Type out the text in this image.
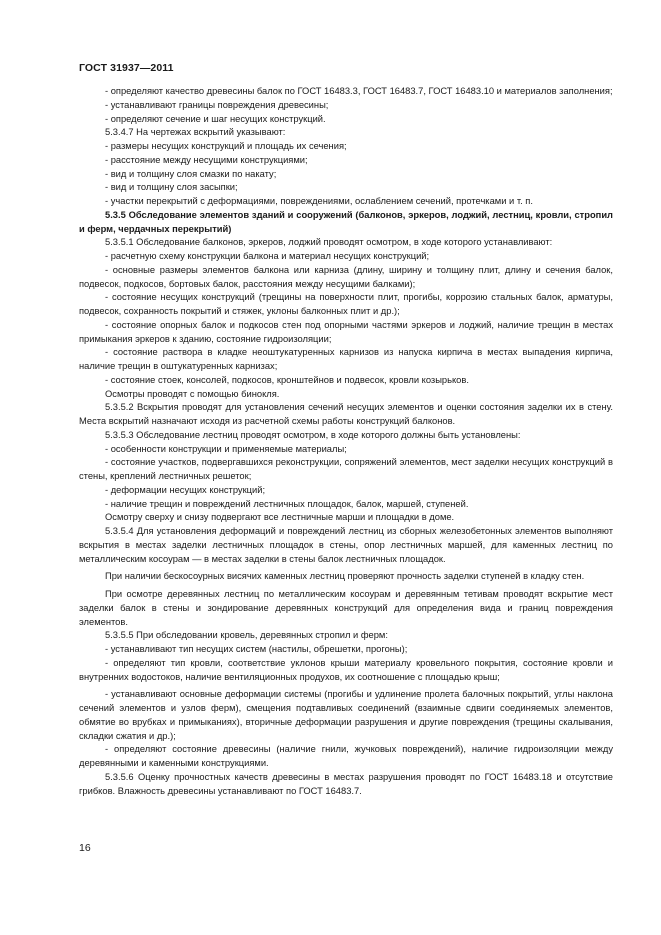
ГОСТ 31937—2011

- определяют качество древесины балок по ГОСТ 16483.3, ГОСТ 16483.7, ГОСТ 16483.10 и материалов заполнения;

- устанавливают границы повреждения древесины;

- определяют сечение и шаг несущих конструкций.

5.3.4.7 На чертежах вскрытий указывают:

- размеры несущих конструкций и площадь их сечения;

- расстояние между несущими конструкциями;

- вид и толщину слоя смазки по накату;

- вид и толщину слоя засыпки;

- участки перекрытий с деформациями, повреждениями, ослаблением сечений, протечками и т. п.

5.3.5 Обследование элементов зданий и сооружений (балконов, эркеров, лоджий, лестниц, кровли, стропил и ферм, чердачных перекрытий)

5.3.5.1 Обследование балконов, эркеров, лоджий проводят осмотром, в ходе которого устанавливают:

- расчетную схему конструкции балкона и материал несущих конструкций;

- основные размеры элементов балкона или карниза (длину, ширину и толщину плит, длину и сечения балок, подвесок, подкосов, бортовых балок, расстояния между несущими балками);

- состояние несущих конструкций (трещины на поверхности плит, прогибы, коррозию стальных балок, арматуры, подвесок, сохранность покрытий и стяжек, уклоны балконных плит и др.);

- состояние опорных балок и подкосов стен под опорными частями эркеров и лоджий, наличие трещин в местах примыкания эркеров к зданию, состояние гидроизоляции;

- состояние раствора в кладке неоштукатуренных карнизов из напуска кирпича в местах выпадения кирпича, наличие трещин в оштукатуренных карнизах;

- состояние стоек, консолей, подкосов, кронштейнов и подвесок, кровли козырьков.

Осмотры проводят с помощью бинокля.

5.3.5.2 Вскрытия проводят для установления сечений несущих элементов и оценки состояния заделки их в стену. Места вскрытий назначают исходя из расчетной схемы работы конструкций балконов.

5.3.5.3 Обследование лестниц проводят осмотром, в ходе которого должны быть установлены:

- особенности конструкции и применяемые материалы;

- состояние участков, подвергавшихся реконструкции, сопряжений элементов, мест заделки несущих конструкций в стены, креплений лестничных решеток;

- деформации несущих конструкций;

- наличие трещин и повреждений лестничных площадок, балок, маршей, ступеней.

Осмотру сверху и снизу подвергают все лестничные марши и площадки в доме.

5.3.5.4 Для установления деформаций и повреждений лестниц из сборных железобетонных элементов выполняют вскрытия в местах заделки лестничных площадок в стены, опор лестничных маршей, для каменных лестниц по металлическим косоурам — в местах заделки в стены балок лестничных площадок.

При наличии бескосоурных висячих каменных лестниц проверяют прочность заделки ступеней в кладку стен.

При осмотре деревянных лестниц по металлическим косоурам и деревянным тетивам проводят вскрытие мест заделки балок в стены и зондирование деревянных конструкций для определения вида и границ повреждения элементов.

5.3.5.5 При обследовании кровель, деревянных стропил и ферм:

- устанавливают тип несущих систем (настилы, обрешетки, прогоны);

- определяют тип кровли, соответствие уклонов крыши материалу кровельного покрытия, состояние кровли и внутренних водостоков, наличие вентиляционных продухов, их соотношение с площадью крыш;

- устанавливают основные деформации системы (прогибы и удлинение пролета балочных покрытий, углы наклона сечений элементов и узлов ферм), смещения подтавливых соединений (взаимные сдвиги соединяемых элементов, обмятие во врубках и примыканиях), вторичные деформации разрушения и другие повреждения (трещины скалывания, складки сжатия и др.);

- определяют состояние древесины (наличие гнили, жучковых повреждений), наличие гидроизоляции между деревянными и каменными конструкциями.

5.3.5.6 Оценку прочностных качеств древесины в местах разрушения проводят по ГОСТ 16483.18 и отсутствие грибков. Влажность древесины устанавливают по ГОСТ 16483.7.

16
